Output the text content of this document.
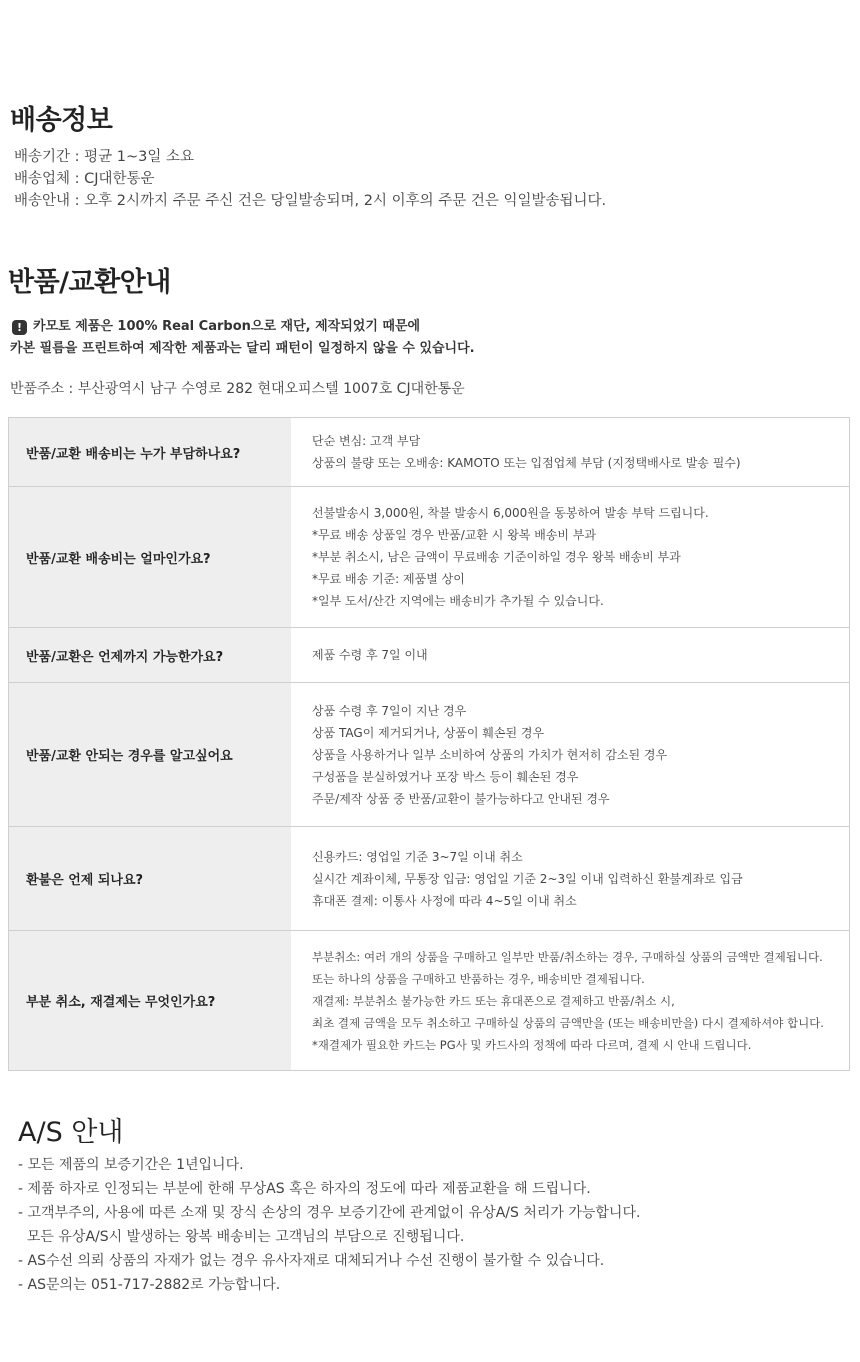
배송정보
배송기간 : 평균 1~3일 소요
배송업체 : CJ대한통운
배송안내 : 오후 2시까지 주문 주신 건은 당일발송되며, 2시 이후의 주문 건은 익일발송됩니다.
반품/교환안내
! 카모토 제품은 100% Real Carbon으로 재단, 제작되었기 때문에
카본 필름을 프린트하여 제작한 제품과는 달리 패턴이 일정하지 않을 수 있습니다.
반품주소 : 부산광역시 남구 수영로 282 현대오피스텔 1007호 CJ대한통운
반품/교환 배송비는 누가 부담하나요?
단순 변심: 고객 부담
상품의 불량 또는 오배송: KAMOTO 또는 입점업체 부담 (지정택배사로 발송 필수)
반품/교환 배송비는 얼마인가요?
선불발송시 3,000원, 착불 발송시 6,000원을 동봉하여 발송 부탁 드립니다.
*무료 배송 상품일 경우 반품/교환 시 왕복 배송비 부과
*부분 취소시, 남은 금액이 무료배송 기준이하일 경우 왕복 배송비 부과
*무료 배송 기준: 제품별 상이
*일부 도서/산간 지역에는 배송비가 추가될 수 있습니다.
반품/교환은 언제까지 가능한가요?	제품 수령 후 7일 이내
반품/교환 안되는 경우를 알고싶어요
상품 수령 후 7일이 지난 경우
상품 TAG이 제거되거나, 상품이 훼손된 경우
상품을 사용하거나 일부 소비하여 상품의 가치가 현저히 감소된 경우
구성품을 분실하였거나 포장 박스 등이 훼손된 경우
주문/제작 상품 중 반품/교환이 불가능하다고 안내된 경우
환불은 언제 되나요?
신용카드: 영업일 기준 3~7일 이내 취소
실시간 계좌이체, 무통장 입금: 영업일 기준 2~3일 이내 입력하신 환불계좌로 입금
휴대폰 결제: 이통사 사정에 따라 4~5일 이내 취소
부분 취소, 재결제는 무엇인가요?
부분취소: 여러 개의 상품을 구매하고 일부만 반품/취소하는 경우, 구매하실 상품의 금액만 결제됩니다.
또는 하나의 상품을 구매하고 반품하는 경우, 배송비만 결제됩니다.
재결제: 부분취소 불가능한 카드 또는 휴대폰으로 결제하고 반품/취소 시,
최초 결제 금액을 모두 취소하고 구매하실 상품의 금액만을 (또는 배송비만을) 다시 결제하셔야 합니다.
*재결제가 필요한 카드는 PG사 및 카드사의 정책에 따라 다르며, 결제 시 안내 드립니다.
A/S 안내
- 모든 제품의 보증기간은 1년입니다.
- 제품 하자로 인정되는 부분에 한해 무상AS 혹은 하자의 정도에 따라 제품교환을 해 드립니다.
- 고객부주의, 사용에 따른 소재 및 장식 손상의 경우 보증기간에 관계없이 유상A/S 처리가 가능합니다.
모든 유상A/S시 발생하는 왕복 배송비는 고객님의 부담으로 진행됩니다.
- AS수선 의뢰 상품의 자재가 없는 경우 유사자재로 대체되거나 수선 진행이 불가할 수 있습니다.
- AS문의는 051-717-2882로 가능합니다.
